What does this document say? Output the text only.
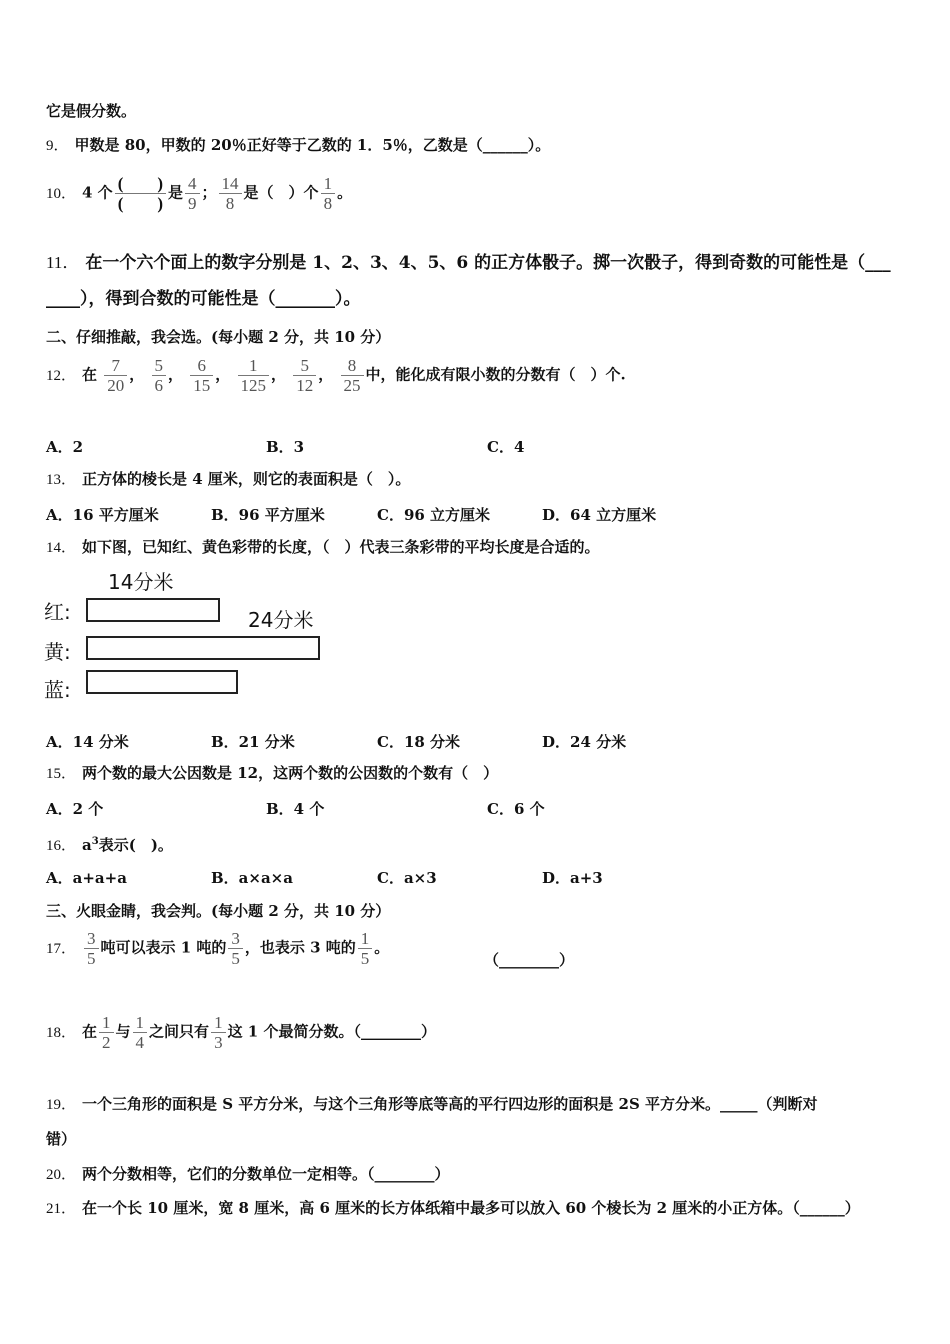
它是假分数。
9． 甲数是 80，甲数的 20％正好等于乙数的 1．5％，乙数是（______）。
10． 4 个 $\frac{( )}{( )}$ 是 $\frac{4}{9}$ ； $\frac{14}{8}$ 是（　）个 $\frac{1}{8}$ 。
11． 在一个六个面上的数字分别是 1、2、3、4、5、6 的正方体骰子。掷一次骰子，得到奇数的可能性是（___
____），得到合数的可能性是（_______）。
二、仔细推敲，我会选。(每小题 2 分，共 10 分）
12． 在 $\frac{7}{20}$ ， $\frac{5}{6}$ ， $\frac{6}{15}$ ， $\frac{1}{125}$ ， $\frac{5}{12}$ ， $\frac{8}{25}$ 中，能化成有限小数的分数有（　）个.
A．2	B．3	C．4
13． 正方体的棱长是 4 厘米，则它的表面积是（　）。
A．16 平方厘米	B．96 平方厘米	C．96 立方厘米	D．64 立方厘米
14． 如下图，已知红、黄色彩带的长度，（　）代表三条彩带的平均长度是合适的。
14分米
24分米
红:
黄:
蓝:
A．14 分米	B．21 分米	C．18 分米	D．24 分米
15． 两个数的最大公因数是 12，这两个数的公因数的个数有（　）
A．2 个	B．4 个	C．6 个
16． $a^3$表示(　)。
A．a+a+a	B．a×a×a	C．a×3	D．a+3
三、火眼金睛，我会判。(每小题 2 分，共 10 分）
17． $\frac{3}{5}$ 吨可以表示 1 吨的 $\frac{3}{5}$ ，也表示 3 吨的 $\frac{1}{5}$ 。
（________）
18． 在 $\frac{1}{2}$ 与 $\frac{1}{4}$ 之间只有 $\frac{1}{3}$ 这 1 个最简分数。（________）
19． 一个三角形的面积是 S 平方分米，与这个三角形等底等高的平行四边形的面积是 2S 平方分米。_____（判断对
错）
20． 两个分数相等，它们的分数单位一定相等。（________）
21． 在一个长 10 厘米，宽 8 厘米，高 6 厘米的长方体纸箱中最多可以放入 60 个棱长为 2 厘米的小正方体。（______）
